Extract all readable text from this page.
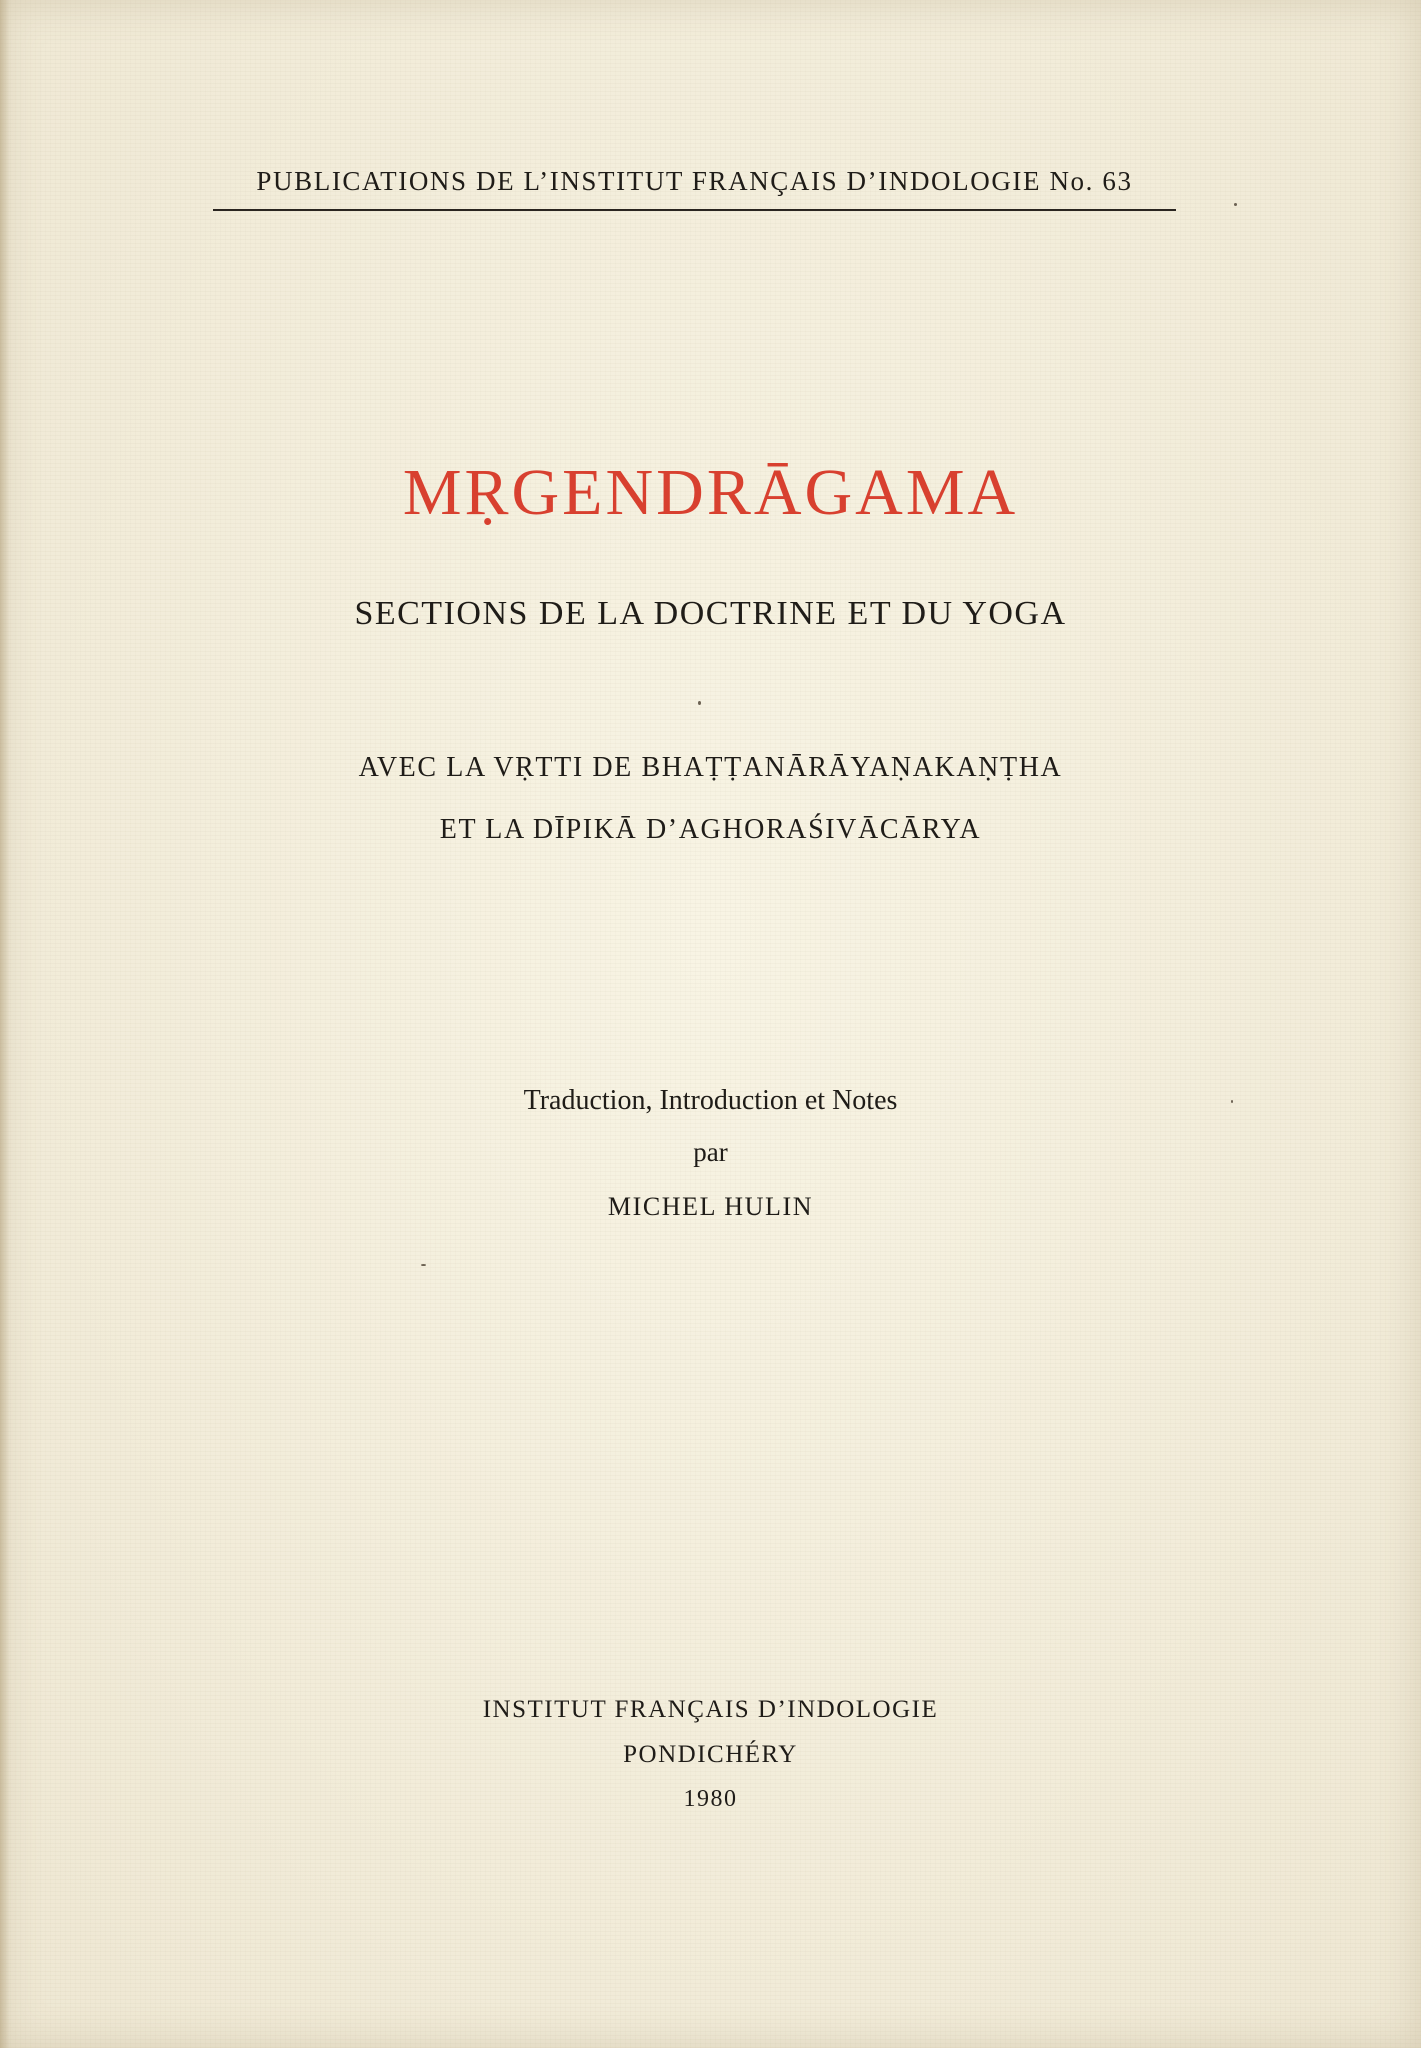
PUBLICATIONS DE L’INSTITUT FRANÇAIS D’INDOLOGIE No. 63
MṚGENDRĀGAMA
SECTIONS DE LA DOCTRINE ET DU YOGA
AVEC LA VṚTTI DE BHAṬṬANĀRĀYAṆAKAṆṬHA
ET LA DĪPIKĀ D’AGHORAŚIVĀCĀRYA
Traduction, Introduction et Notes
par
MICHEL HULIN
INSTITUT FRANÇAIS D’INDOLOGIE
PONDICHÉRY
1980
